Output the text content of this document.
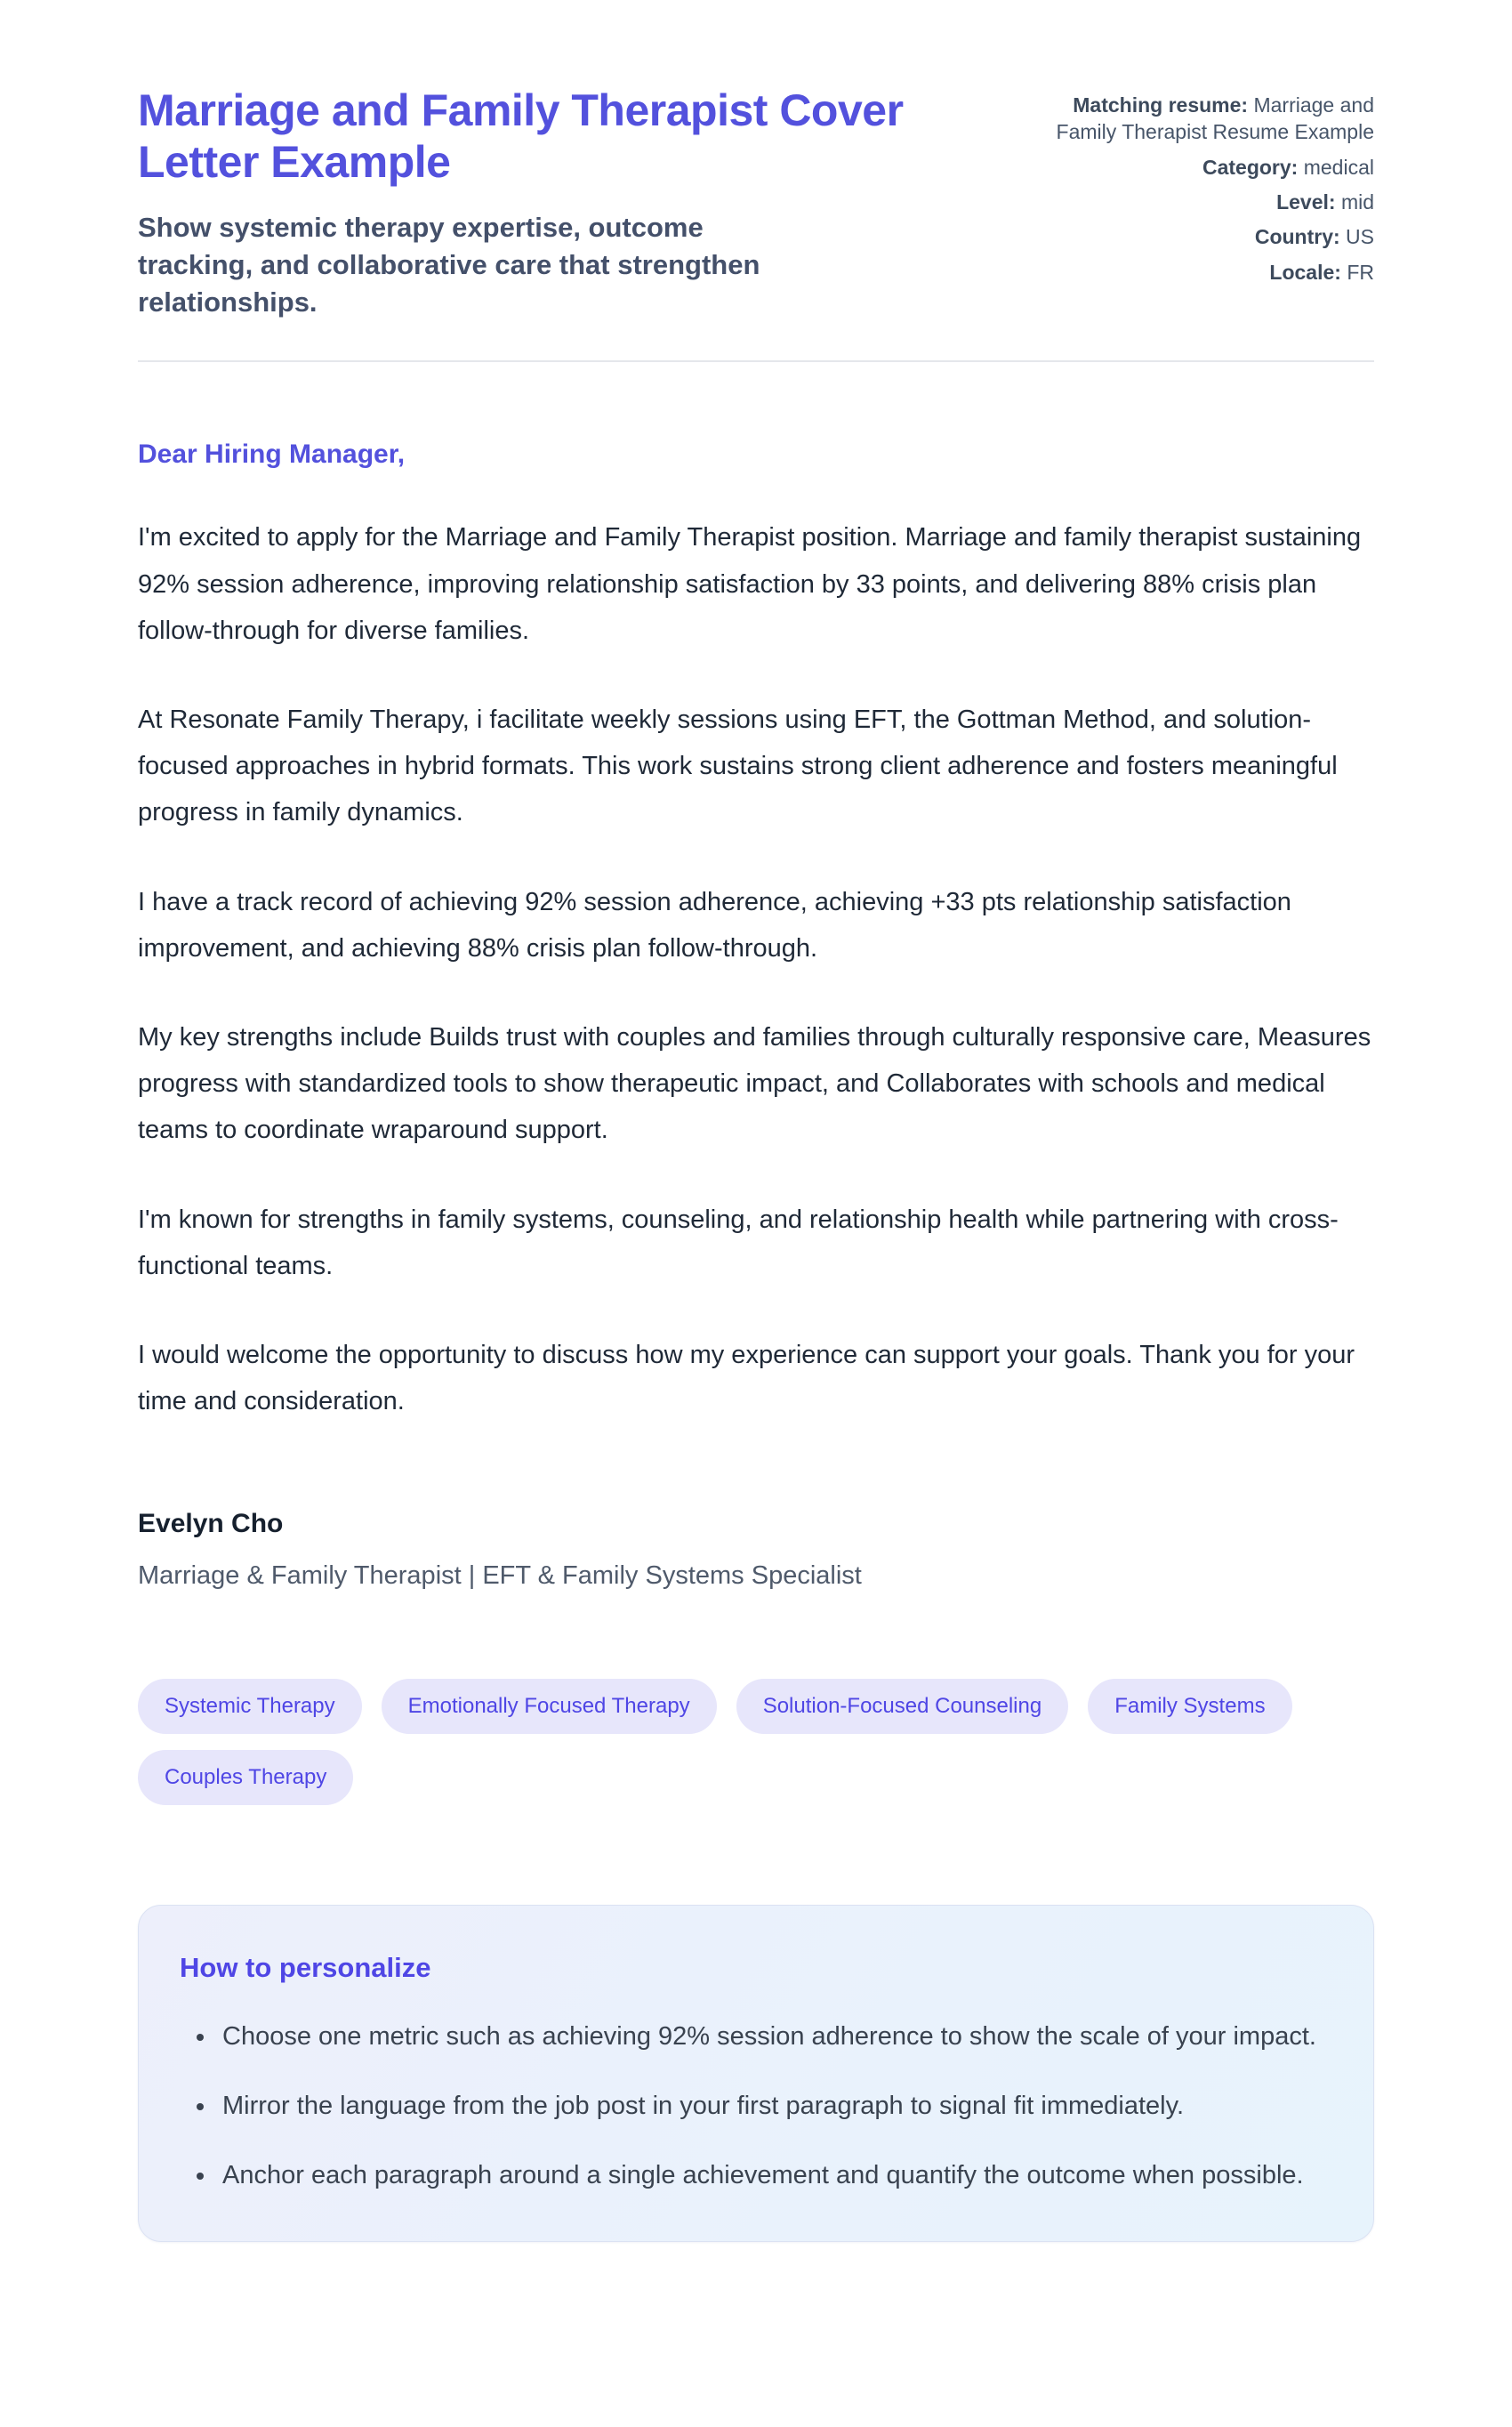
Marriage and Family Therapist Cover Letter Example

Show systemic therapy expertise, outcome tracking, and collaborative care that strengthen relationships.

Matching resume: Marriage and Family Therapist Resume Example
Category: medical
Level: mid
Country: US
Locale: FR

Dear Hiring Manager,

I'm excited to apply for the Marriage and Family Therapist position. Marriage and family therapist sustaining 92% session adherence, improving relationship satisfaction by 33 points, and delivering 88% crisis plan follow-through for diverse families.

At Resonate Family Therapy, i facilitate weekly sessions using EFT, the Gottman Method, and solution-focused approaches in hybrid formats. This work sustains strong client adherence and fosters meaningful progress in family dynamics.

I have a track record of achieving 92% session adherence, achieving +33 pts relationship satisfaction improvement, and achieving 88% crisis plan follow-through.

My key strengths include Builds trust with couples and families through culturally responsive care, Measures progress with standardized tools to show therapeutic impact, and Collaborates with schools and medical teams to coordinate wraparound support.

I'm known for strengths in family systems, counseling, and relationship health while partnering with cross-functional teams.

I would welcome the opportunity to discuss how my experience can support your goals. Thank you for your time and consideration.

Evelyn Cho

Marriage & Family Therapist | EFT & Family Systems Specialist

Systemic Therapy	Emotionally Focused Therapy	Solution-Focused Counseling	Family Systems
Couples Therapy
How to personalize
• Choose one metric such as achieving 92% session adherence to show the scale of your impact.
• Mirror the language from the job post in your first paragraph to signal fit immediately.
• Anchor each paragraph around a single achievement and quantify the outcome when possible.
